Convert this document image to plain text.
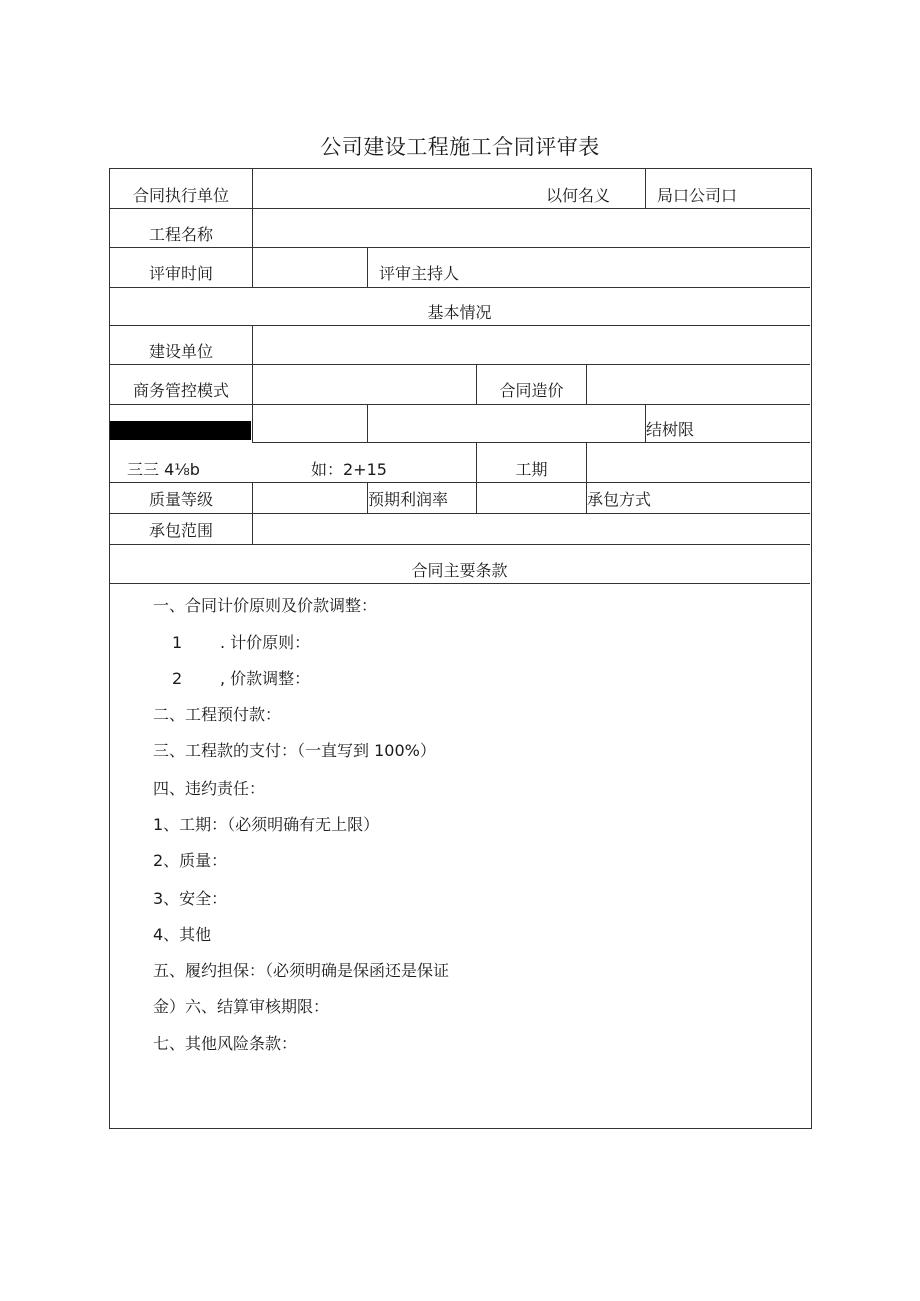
公司建设工程施工合同评审表
合同执行单位	以何名义	局口公司口
工程名称
评审时间	评审主持人
基本情况
建设单位
商务管控模式	合同造价
结树限
三三 4⅛b	如：2+15	工期
质量等级	预期利润率	承包方式
承包范围
合同主要条款
一、合同计价原则及价款调整：
1 . 计价原则：
2 , 价款调整：
二、工程预付款：
三、工程款的支付：（一直写到 100%）
四、违约责任：
1、工期：（必须明确有无上限）
2、质量：
3、安全：
4、其他
五、履约担保：（必须明确是保函还是保证
金）六、结算审核期限：
七、其他风险条款：
